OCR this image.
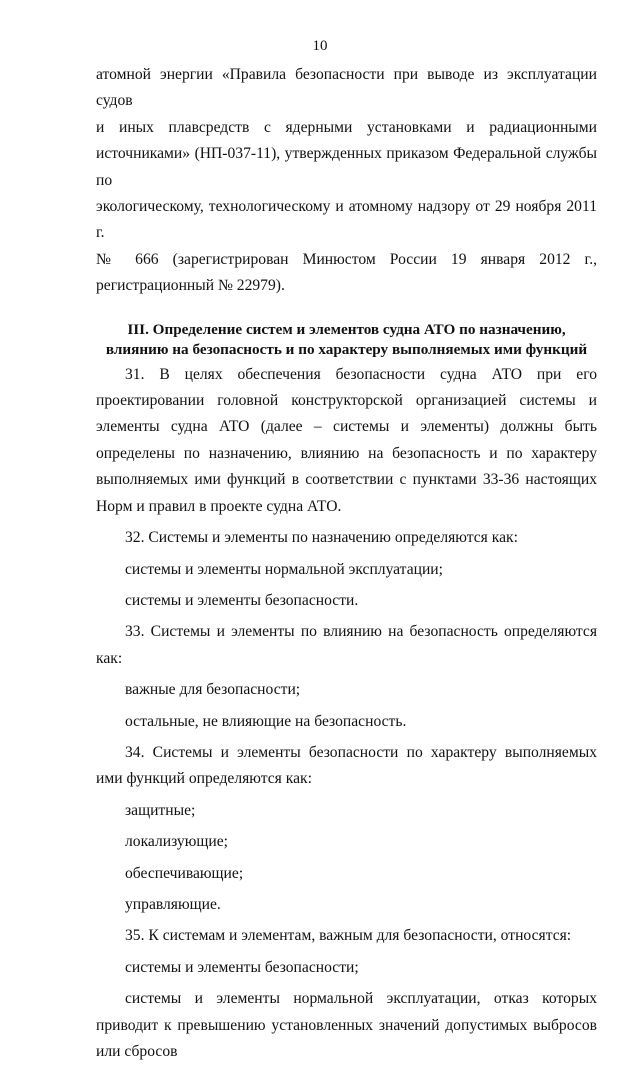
10

атомной энергии «Правила безопасности при выводе из эксплуатации судов

и иных плавсредств с ядерными установками и радиационными

источниками» (НП-037-11), утвержденных приказом Федеральной службы по

экологическому, технологическому и атомному надзору от 29 ноября 2011 г.

№ 666 (зарегистрирован Минюстом России 19 января 2012 г.,

регистрационный № 22979).

III. Определение систем и элементов судна АТО по назначению,
влиянию на безопасность и по характеру выполняемых ими функций

31. В целях обеспечения безопасности судна АТО при его проектировании головной конструкторской организацией системы и элементы судна АТО (далее – системы и элементы) должны быть определены по назначению, влиянию на безопасность и по характеру выполняемых ими функций в соответствии с пунктами 33-36 настоящих Норм и правил в проекте судна АТО.

32. Системы и элементы по назначению определяются как:

системы и элементы нормальной эксплуатации;

системы и элементы безопасности.

33. Системы и элементы по влиянию на безопасность определяются как:

важные для безопасности;

остальные, не влияющие на безопасность.

34. Системы и элементы безопасности по характеру выполняемых ими функций определяются как:

защитные;

локализующие;

обеспечивающие;

управляющие.

35. К системам и элементам, важным для безопасности, относятся:

системы и элементы безопасности;

системы и элементы нормальной эксплуатации, отказ которых приводит к превышению установленных значений допустимых выбросов или сбросов
